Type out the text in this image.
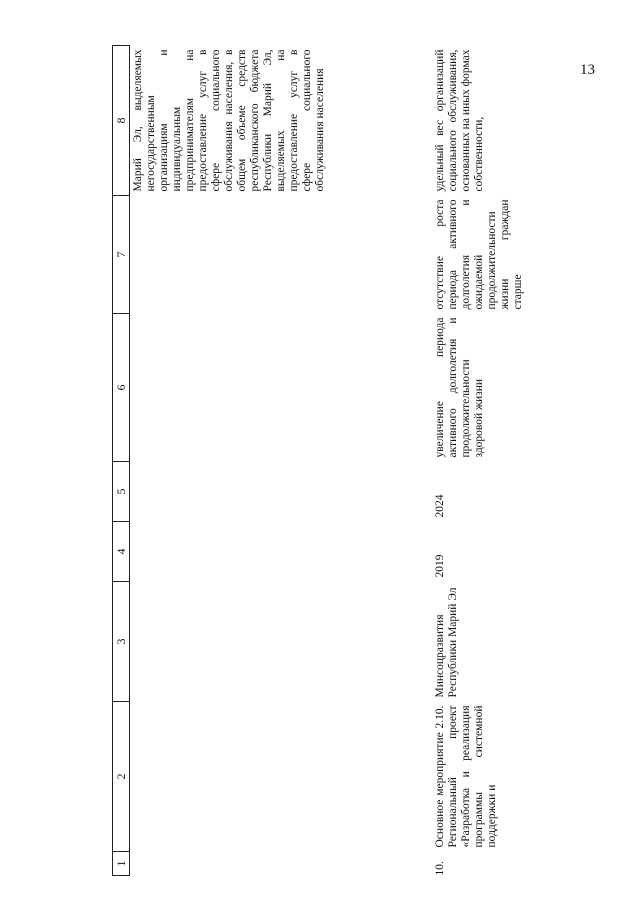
13
1	2	3	4	5	6	7	8
							Марий Эл, выделяемых негосударственным организациям и индивидуальным предпринимателям на предоставление услуг в сфере социального обслуживания населения, в общем объеме средств республиканского бюджета Республики Марий Эл, выделяемых на предоставление услуг в сфере социального обслуживания населения
10.	Основное мероприятие 2.10. Региональный проект «Разработка и реализация программы системной поддержки и	Минсоцразвития Республики Марий Эл	2019	2024	увеличение периода активного долголетия и продолжительности здоровой жизни	отсутствие роста периода активного долголетия и ожидаемой продолжительности жизни граждан старше	удельный вес организаций социального обслуживания, основанных на иных формах собственности,
